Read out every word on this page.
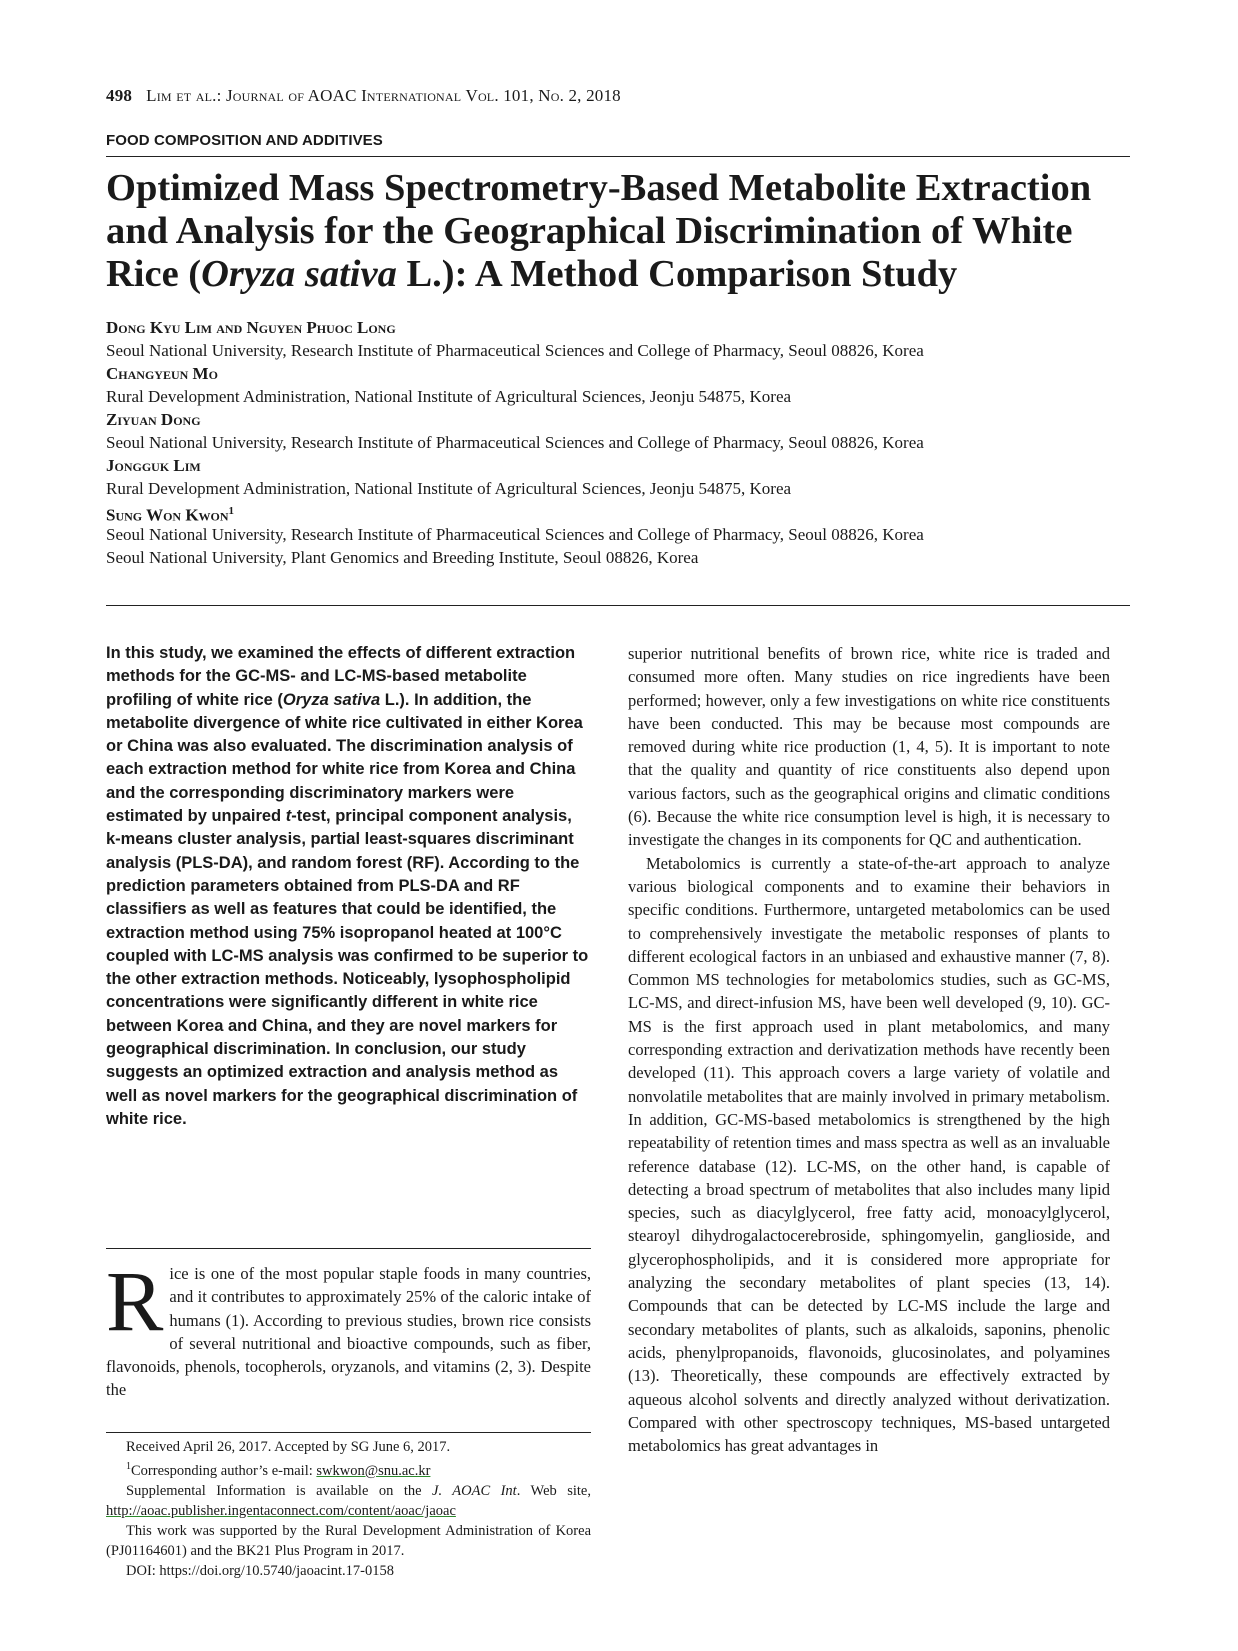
498 Lim et al.: Journal of AOAC International Vol. 101, No. 2, 2018
FOOD COMPOSITION AND ADDITIVES
Optimized Mass Spectrometry-Based Metabolite Extraction and Analysis for the Geographical Discrimination of White Rice (Oryza sativa L.): A Method Comparison Study
Dong Kyu Lim and Nguyen Phuoc Long
Seoul National University, Research Institute of Pharmaceutical Sciences and College of Pharmacy, Seoul 08826, Korea
Changyeun Mo
Rural Development Administration, National Institute of Agricultural Sciences, Jeonju 54875, Korea
Ziyuan Dong
Seoul National University, Research Institute of Pharmaceutical Sciences and College of Pharmacy, Seoul 08826, Korea
Jongguk Lim
Rural Development Administration, National Institute of Agricultural Sciences, Jeonju 54875, Korea
Sung Won Kwon$^1$
Seoul National University, Research Institute of Pharmaceutical Sciences and College of Pharmacy, Seoul 08826, Korea
Seoul National University, Plant Genomics and Breeding Institute, Seoul 08826, Korea
In this study, we examined the effects of different extraction methods for the GC-MS- and LC-MS-based metabolite profiling of white rice (Oryza sativa L.). In addition, the metabolite divergence of white rice cultivated in either Korea or China was also evaluated. The discrimination analysis of each extraction method for white rice from Korea and China and the corresponding discriminatory markers were estimated by unpaired t-test, principal component analysis, k-means cluster analysis, partial least-squares discriminant analysis (PLS-DA), and random forest (RF). According to the prediction parameters obtained from PLS-DA and RF classifiers as well as features that could be identified, the extraction method using 75% isopropanol heated at 100°C coupled with LC-MS analysis was confirmed to be superior to the other extraction methods. Noticeably, lysophospholipid concentrations were significantly different in white rice between Korea and China, and they are novel markers for geographical discrimination. In conclusion, our study suggests an optimized extraction and analysis method as well as novel markers for the geographical discrimination of white rice.
Rice is one of the most popular staple foods in many countries, and it contributes to approximately 25% of the caloric intake of humans (1). According to previous studies, brown rice consists of several nutritional and bioactive compounds, such as fiber, flavonoids, phenols, tocopherols, oryzanols, and vitamins (2, 3). Despite the

Received April 26, 2017. Accepted by SG June 6, 2017.

$^1$Corresponding author’s e-mail: swkwon@snu.ac.kr

Supplemental Information is available on the J. AOAC Int. Web site, http://aoac.publisher.ingentaconnect.com/content/aoac/jaoac

This work was supported by the Rural Development Administration of Korea (PJ01164601) and the BK21 Plus Program in 2017.

DOI: https://doi.org/10.5740/jaoacint.17-0158

superior nutritional benefits of brown rice, white rice is traded and consumed more often. Many studies on rice ingredients have been performed; however, only a few investigations on white rice constituents have been conducted. This may be because most compounds are removed during white rice production (1, 4, 5). It is important to note that the quality and quantity of rice constituents also depend upon various factors, such as the geographical origins and climatic conditions (6). Because the white rice consumption level is high, it is necessary to investigate the changes in its components for QC and authentication.

Metabolomics is currently a state-of-the-art approach to analyze various biological components and to examine their behaviors in specific conditions. Furthermore, untargeted metabolomics can be used to comprehensively investigate the metabolic responses of plants to different ecological factors in an unbiased and exhaustive manner (7, 8). Common MS technologies for metabolomics studies, such as GC-MS, LC-MS, and direct-infusion MS, have been well developed (9, 10). GC-MS is the first approach used in plant metabolomics, and many corresponding extraction and derivatization methods have recently been developed (11). This approach covers a large variety of volatile and nonvolatile metabolites that are mainly involved in primary metabolism. In addition, GC-MS-based metabolomics is strengthened by the high repeatability of retention times and mass spectra as well as an invaluable reference database (12). LC-MS, on the other hand, is capable of detecting a broad spectrum of metabolites that also includes many lipid species, such as diacylglycerol, free fatty acid, monoacylglycerol, stearoyl dihydrogalactocerebroside, sphingomyelin, ganglioside, and glycerophospholipids, and it is considered more appropriate for analyzing the secondary metabolites of plant species (13, 14). Compounds that can be detected by LC-MS include the large and secondary metabolites of plants, such as alkaloids, saponins, phenolic acids, phenylpropanoids, flavonoids, glucosinolates, and polyamines (13). Theoretically, these compounds are effectively extracted by aqueous alcohol solvents and directly analyzed without derivatization. Compared with other spectroscopy techniques, MS-based untargeted metabolomics has great advantages in
